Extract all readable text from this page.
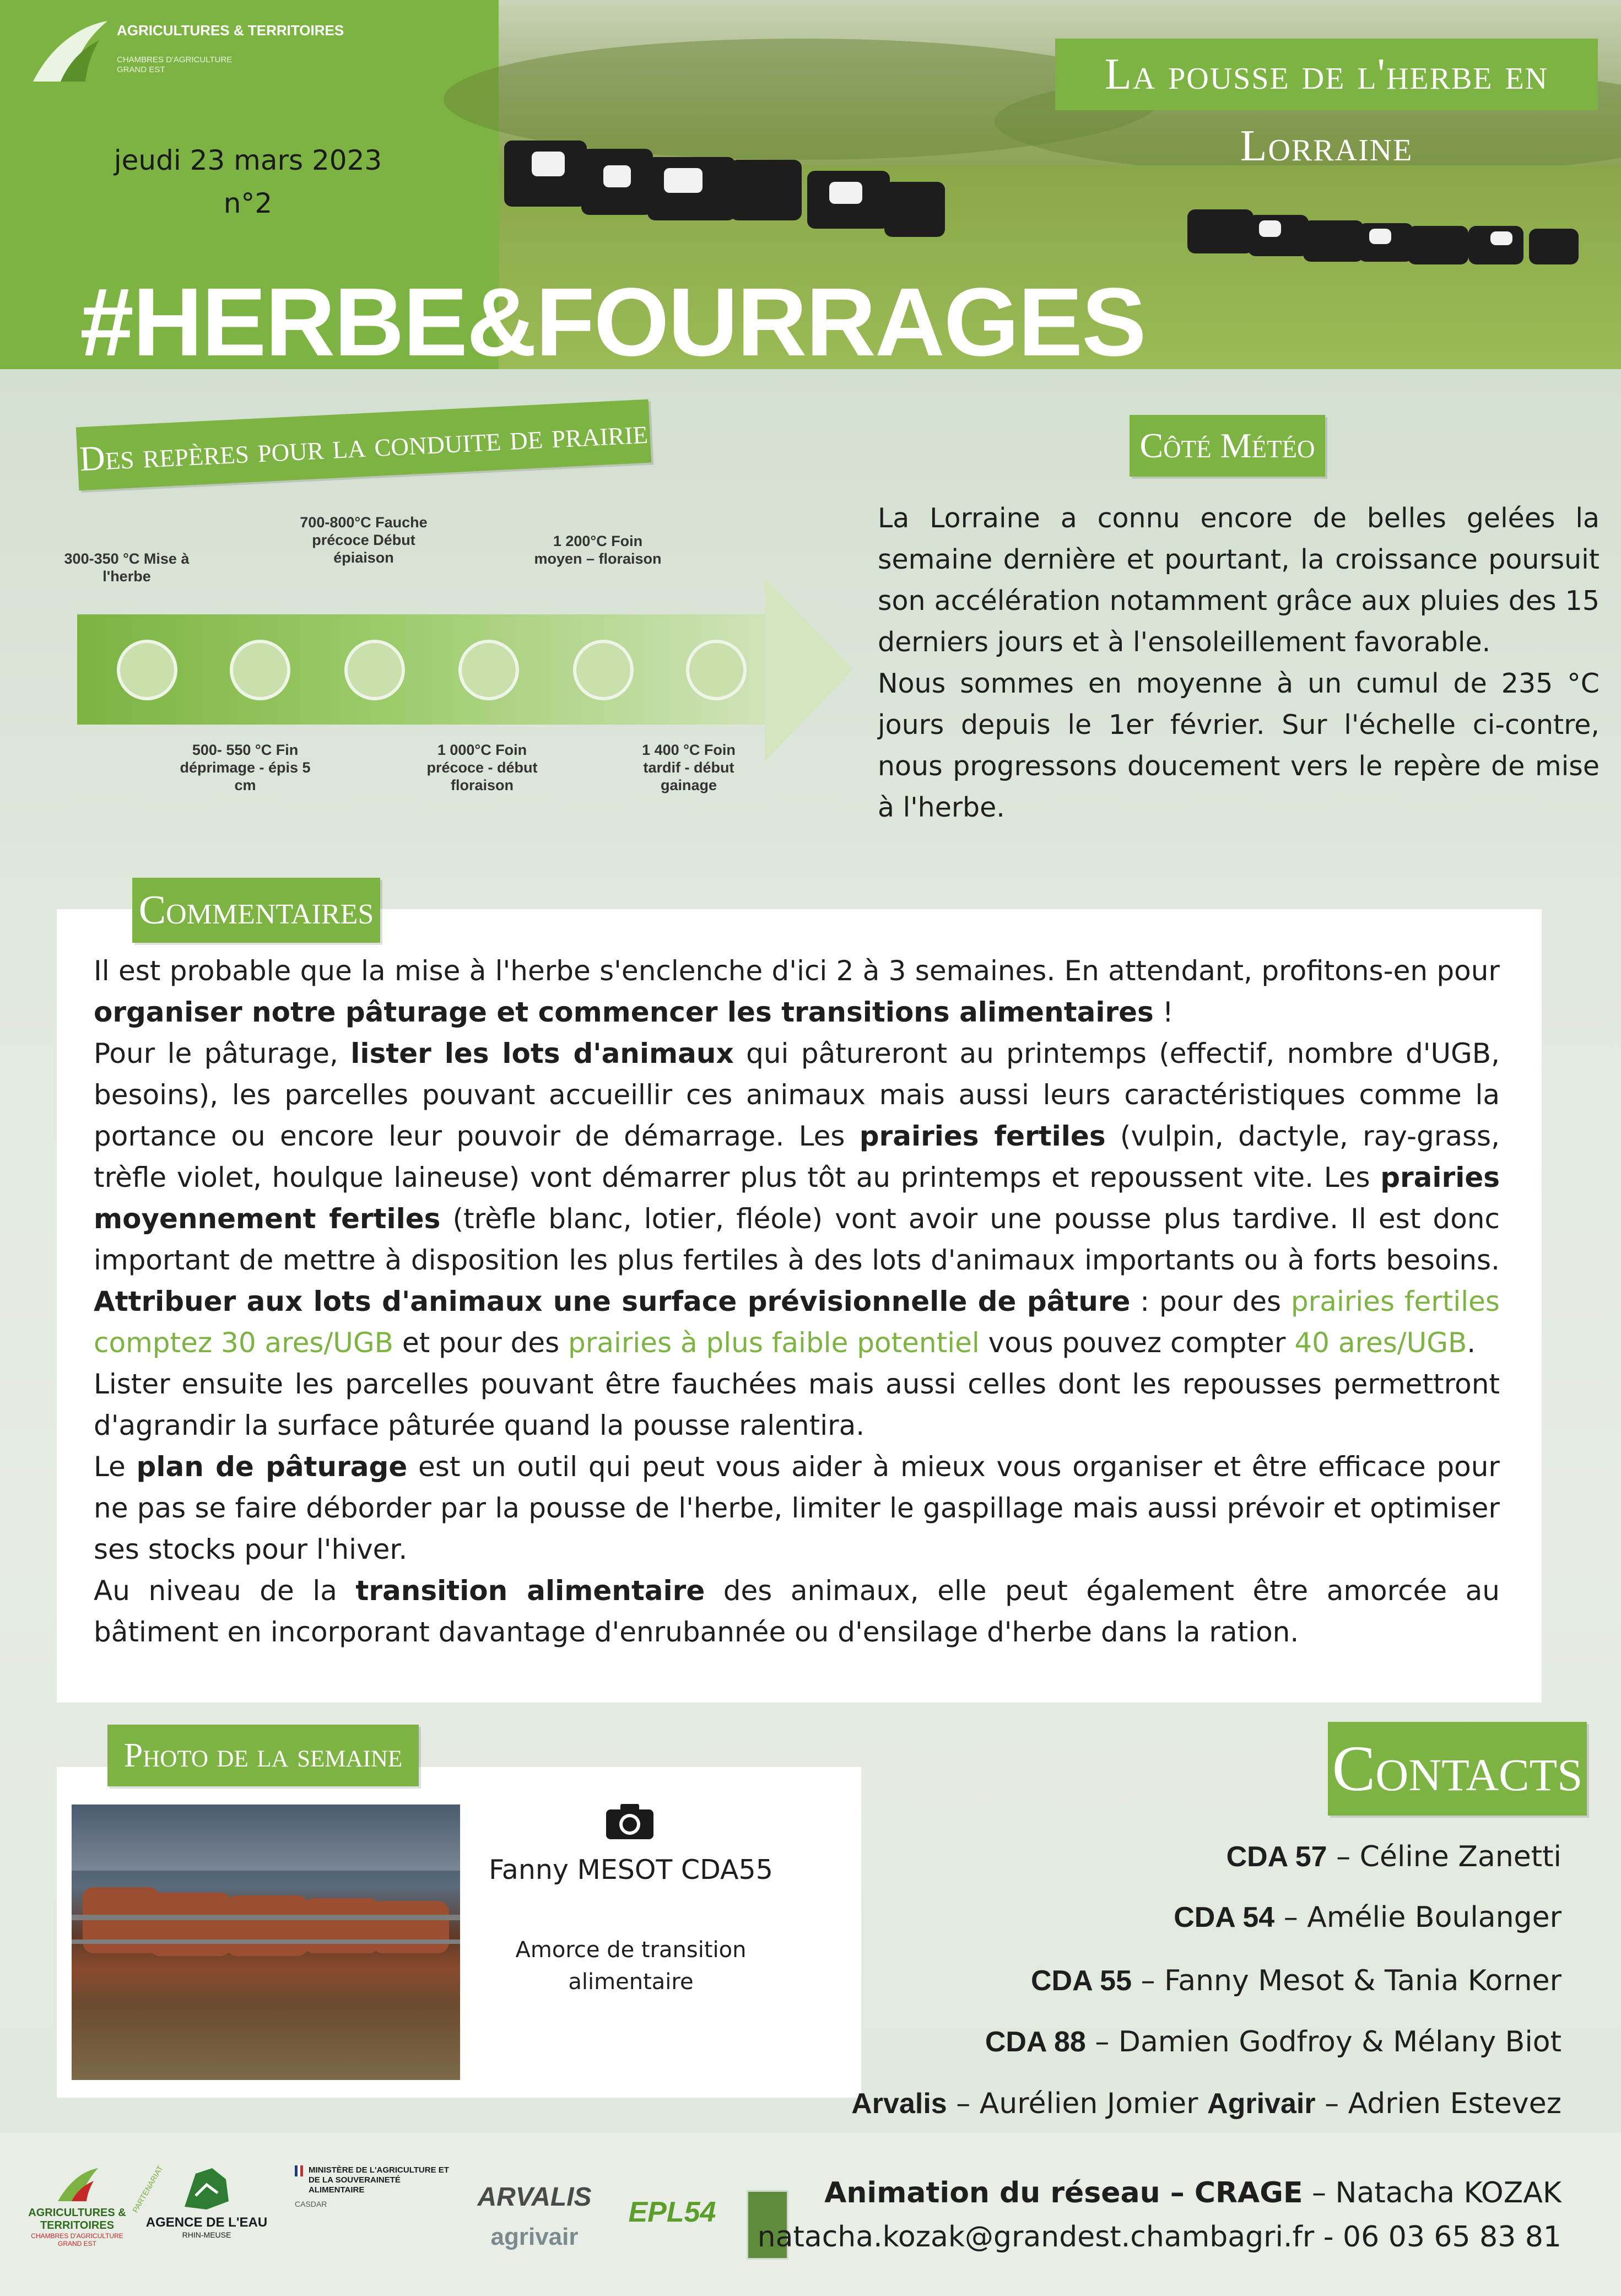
AGRICULTURES & TERRITOIRES
CHAMBRES D'AGRICULTURE GRAND EST
jeudi 23 mars 2023
n°2
La pousse de l'herbe en Lorraine
#HERBE&FOURRAGES
Des repères pour la conduite de prairie
300-350 °C Mise à l'herbe
700-800°C Fauche précoce Début épiaison
1 200°C Foin moyen – floraison
500- 550 °C Fin déprimage - épis 5 cm
1 000°C Foin précoce - début floraison
1 400 °C Foin tardif - début gainage
Côté Météo
La Lorraine a connu encore de belles gelées la semaine dernière et pourtant, la croissance poursuit son accélération notamment grâce aux pluies des 15 derniers jours et à l'ensoleillement favorable.
Nous sommes en moyenne à un cumul de 235 °C jours depuis le 1er février. Sur l'échelle ci-contre, nous progressons doucement vers le repère de mise à l'herbe.
Commentaires
Il est probable que la mise à l'herbe s'enclenche d'ici 2 à 3 semaines. En attendant, profitons-en pour organiser notre pâturage et commencer les transitions alimentaires !
Pour le pâturage, lister les lots d'animaux qui pâtureront au printemps (effectif, nombre d'UGB, besoins), les parcelles pouvant accueillir ces animaux mais aussi leurs caractéristiques comme la portance ou encore leur pouvoir de démarrage. Les prairies fertiles (vulpin, dactyle, ray-grass, trèfle violet, houlque laineuse) vont démarrer plus tôt au printemps et repoussent vite. Les prairies moyennement fertiles (trèfle blanc, lotier, fléole) vont avoir une pousse plus tardive. Il est donc important de mettre à disposition les plus fertiles à des lots d'animaux importants ou à forts besoins. Attribuer aux lots d'animaux une surface prévisionnelle de pâture : pour des prairies fertiles comptez 30 ares/UGB et pour des prairies à plus faible potentiel vous pouvez compter 40 ares/UGB.
Lister ensuite les parcelles pouvant être fauchées mais aussi celles dont les repousses permettront d'agrandir la surface pâturée quand la pousse ralentira.
Le plan de pâturage est un outil qui peut vous aider à mieux vous organiser et être efficace pour ne pas se faire déborder par la pousse de l'herbe, limiter le gaspillage mais aussi prévoir et optimiser ses stocks pour l'hiver.
Au niveau de la transition alimentaire des animaux, elle peut également être amorcée au bâtiment en incorporant davantage d'enrubannée ou d'ensilage d'herbe dans la ration.
Photo de la semaine
Fanny MESOT CDA55
Amorce de transition alimentaire
Contacts
CDA 57 – Céline Zanetti
CDA 54 – Amélie Boulanger
CDA 55 – Fanny Mesot & Tania Korner
CDA 88 – Damien Godfroy & Mélany Biot
Arvalis – Aurélien Jomier Agrivair – Adrien Estevez
AGRICULTURES & TERRITOIRES
CHAMBRES D'AGRICULTURE GRAND EST
PARTENARIAT
AGENCE DE L'EAU
RHIN-MEUSE
MINISTÈRE DE L'AGRICULTURE ET DE LA SOUVERAINETÉ ALIMENTAIRE
CASDAR	ARVALIS
agrivair
EPL54
Animation du réseau – CRAGE – Natacha KOZAK
natacha.kozak@grandest.chambagri.fr - 06 03 65 83 81
